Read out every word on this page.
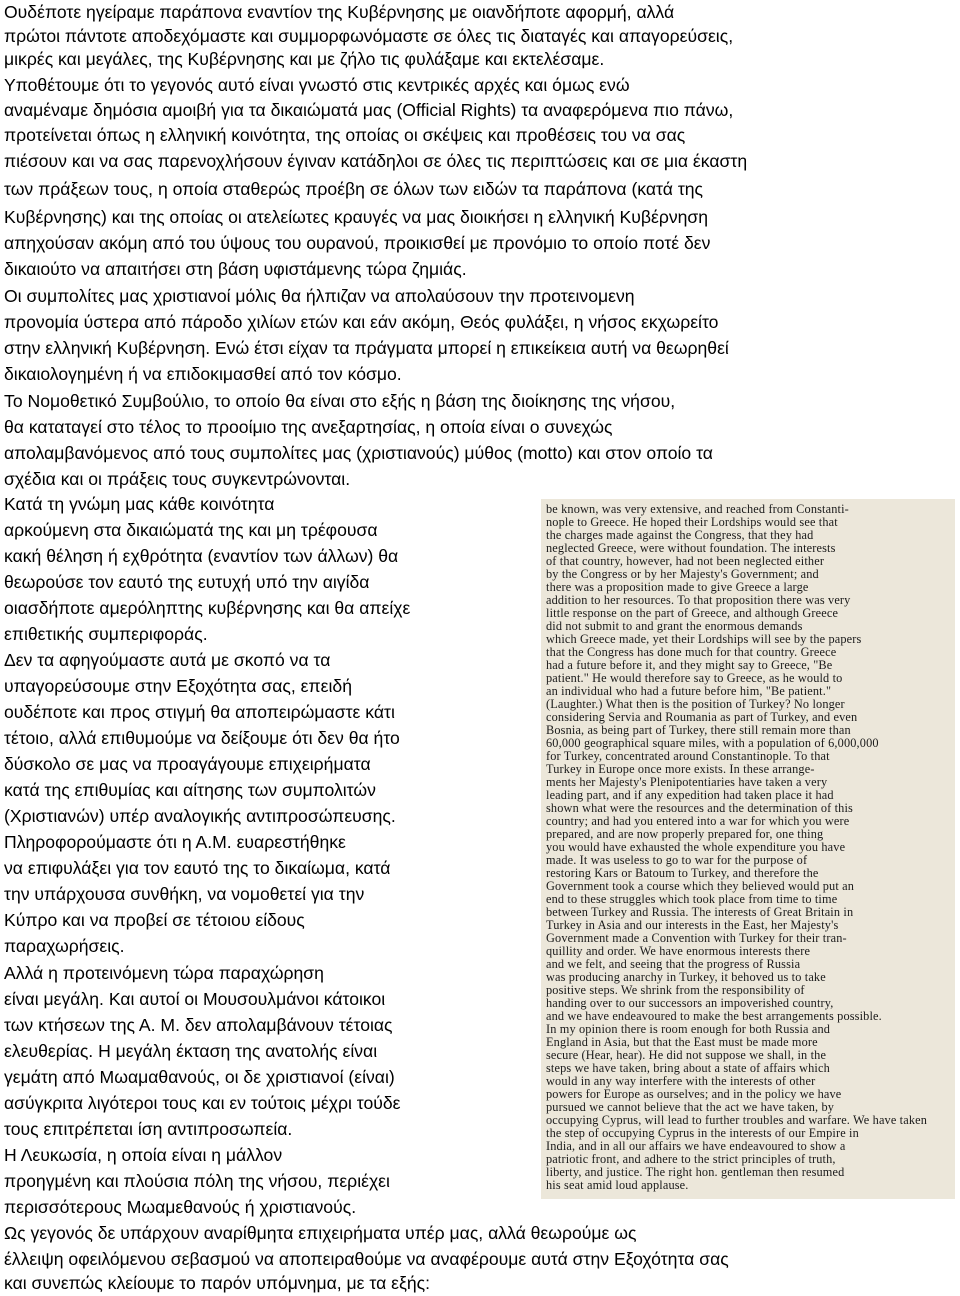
Ουδέποτε ηγείραμε παράπονα εναντίον της Κυβέρνησης με οιανδήποτε αφορμή, αλλά
πρώτοι πάντοτε αποδεχόμαστε και συμμορφωνόμαστε σε όλες τις διαταγές και απαγορεύσεις,
μικρές και μεγάλες, της Κυβέρνησης και με ζήλο τις φυλάξαμε και εκτελέσαμε.
Υποθέτουμε ότι το γεγονός αυτό είναι γνωστό στις κεντρικές αρχές και όμως ενώ
αναμέναμε δημόσια αμοιβή για τα δικαιώματά μας (Official Rights) τα αναφερόμενα πιο πάνω,
προτείνεται όπως η ελληνική κοινότητα, της οποίας οι σκέψεις και προθέσεις του να σας
πιέσουν και να σας παρενοχλήσουν έγιναν κατάδηλοι σε όλες τις περιπτώσεις και σε μια έκαστη
των πράξεων τους, η οποία σταθερώς προέβη σε όλων των ειδών τα παράπονα (κατά της
Κυβέρνησης) και της οποίας οι ατελείωτες κραυγές να μας διοικήσει η ελληνική Κυβέρνηση
απηχούσαν ακόμη από του ύψους του ουρανού, προικισθεί με προνόμιο το οποίο ποτέ δεν
δικαιούτο να απαιτήσει στη βάση υφιστάμενης τώρα ζημιάς.
Οι συμπολίτες μας χριστιανοί μόλις θα ήλπιζαν να απολαύσουν την προτεινομενη
προνομία ύστερα από πάροδο χιλίων ετών και εάν ακόμη, Θεός φυλάξει, η νήσος εκχωρείτο
στην ελληνική Κυβέρνηση. Ενώ έτσι είχαν τα πράγματα μπορεί η επικείκεια αυτή να θεωρηθεί
δικαιολογημένη ή να επιδοκιμασθεί από τον κόσμο.
Το Νομοθετικό Συμβούλιο, το οποίο θα είναι στο εξής η βάση της διοίκησης της νήσου,
θα καταταγεί στο τέλος το προοίμιο της ανεξαρτησίας, η οποία είναι ο συνεχώς
απολαμβανόμενος από τους συμπολίτες μας (χριστιανούς) μύθος (motto) και στον οποίο τα
σχέδια και οι πράξεις τους συγκεντρώνονται.
Κατά τη γνώμη μας κάθε κοινότητα
αρκούμενη στα δικαιώματά της και μη τρέφουσα
κακή θέληση ή εχθρότητα (εναντίον των άλλων) θα
θεωρούσε τον εαυτό της ευτυχή υπό την αιγίδα
οιασδήποτε αμερόληπτης κυβέρνησης και θα απείχε
επιθετικής συμπεριφοράς.
Δεν τα αφηγούμαστε αυτά με σκοπό να τα
υπαγορεύσουμε στην Εξοχότητα σας, επειδή
ουδέποτε και προς στιγμή θα αποπειρώμαστε κάτι
τέτοιο, αλλά επιθυμούμε να δείξουμε ότι δεν θα ήτο
δύσκολο σε μας να προαγάγουμε επιχειρήματα
κατά της επιθυμίας και αίτησης των συμπολιτών
(Χριστιανών) υπέρ αναλογικής αντιπροσώπευσης.
Πληροφορούμαστε ότι η Α.Μ. ευαρεστήθηκε
να επιφυλάξει για τον εαυτό της το δικαίωμα, κατά
την υπάρχουσα συνθήκη, να νομοθετεί για την
Κύπρο και να προβεί σε τέτοιου είδους
παραχωρήσεις.
Αλλά η προτεινόμενη τώρα παραχώρηση
είναι μεγάλη. Και αυτοί οι Μουσουλμάνοι κάτοικοι
των κτήσεων της Α. Μ. δεν απολαμβάνουν τέτοιας
ελευθερίας. Η μεγάλη έκταση της ανατολής είναι
γεμάτη από Μωαμαθανούς, οι δε χριστιανοί (είναι)
ασύγκριτα λιγότεροι τους και εν τούτοις μέχρι τούδε
τους επιτρέπεται ίση αντιπροσωπεία.
Η Λευκωσία, η οποία είναι η μάλλον
προηγμένη και πλούσια πόλη της νήσου, περιέχει
περισσότερους Μωαμεθανούς ή χριστιανούς.
Ως γεγονός δε υπάρχουν αναρίθμητα επιχειρήματα υπέρ μας, αλλά θεωρούμε ως
έλλειψη οφειλόμενου σεβασμού να αποπειραθούμε να αναφέρουμε αυτά στην Εξοχότητα σας
και συνεπώς κλείουμε το παρόν υπόμνημα, με τα εξής:
be known, was very extensive, and reached from Constanti-
nople to Greece. He hoped their Lordships would see that
the charges made against the Congress, that they had
neglected Greece, were without foundation. The interests
of that country, however, had not been neglected either
by the Congress or by her Majesty's Government; and
there was a proposition made to give Greece a large
addition to her resources. To that proposition there was very
little response on the part of Greece, and although Greece
did not submit to and grant the enormous demands
which Greece made, yet their Lordships will see by the papers
that the Congress has done much for that country. Greece
had a future before it, and they might say to Greece, "Be
patient." He would therefore say to Greece, as he would to
an individual who had a future before him, "Be patient."
(Laughter.) What then is the position of Turkey? No longer
considering Servia and Roumania as part of Turkey, and even
Bosnia, as being part of Turkey, there still remain more than
60,000 geographical square miles, with a population of 6,000,000
for Turkey, concentrated around Constantinople. To that
Turkey in Europe once more exists. In these arrange-
ments her Majesty's Plenipotentiaries have taken a very
leading part, and if any expedition had taken place it had
shown what were the resources and the determination of this
country; and had you entered into a war for which you were
prepared, and are now properly prepared for, one thing
you would have exhausted the whole expenditure you have
made. It was useless to go to war for the purpose of
restoring Kars or Batoum to Turkey, and therefore the
Government took a course which they believed would put an
end to these struggles which took place from time to time
between Turkey and Russia. The interests of Great Britain in
Turkey in Asia and our interests in the East, her Majesty's
Government made a Convention with Turkey for their tran-
quillity and order. We have enormous interests there
and we felt, and seeing that the progress of Russia
was producing anarchy in Turkey, it behoved us to take
positive steps. We shrink from the responsibility of
handing over to our successors an impoverished country,
and we have endeavoured to make the best arrangements possible.
In my opinion there is room enough for both Russia and
England in Asia, but that the East must be made more
secure (Hear, hear). He did not suppose we shall, in the
steps we have taken, bring about a state of affairs which
would in any way interfere with the interests of other
powers for Europe as ourselves; and in the policy we have
pursued we cannot believe that the act we have taken, by
occupying Cyprus, will lead to further troubles and warfare. We have taken
the step of occupying Cyprus in the interests of our Empire in
India, and in all our affairs we have endeavoured to show a
patriotic front, and adhere to the strict principles of truth,
liberty, and justice. The right hon. gentleman then resumed
his seat amid loud applause.
